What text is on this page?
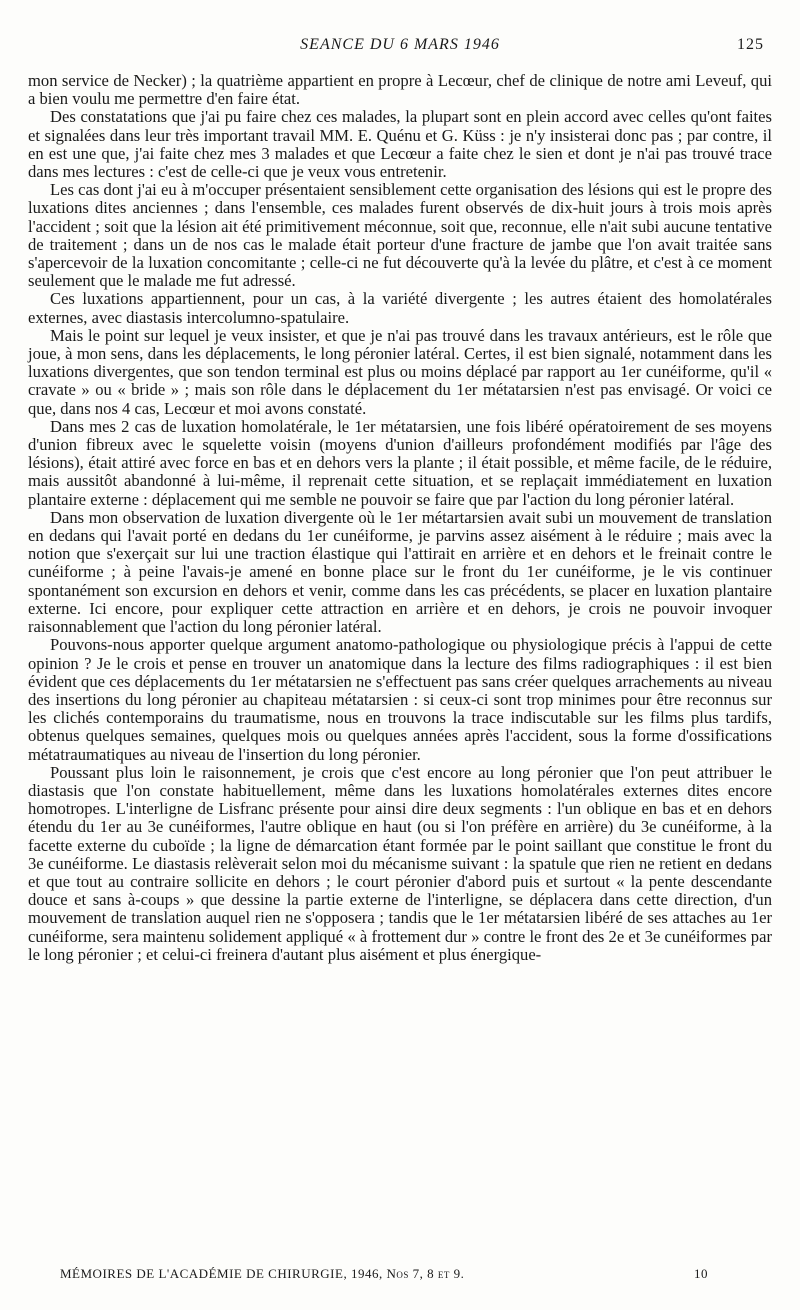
SEANCE DU 6 MARS 1946	125

mon service de Necker) ; la quatrième appartient en propre à Lecœur, chef de clinique de notre ami Leveuf, qui a bien voulu me permettre d'en faire état.

Des constatations que j'ai pu faire chez ces malades, la plupart sont en plein accord avec celles qu'ont faites et signalées dans leur très important travail MM. E. Quénu et G. Küss : je n'y insisterai donc pas ; par contre, il en est une que, j'ai faite chez mes 3 malades et que Lecœur a faite chez le sien et dont je n'ai pas trouvé trace dans mes lectures : c'est de celle-ci que je veux vous entretenir.

Les cas dont j'ai eu à m'occuper présentaient sensiblement cette organisation des lésions qui est le propre des luxations dites anciennes ; dans l'ensemble, ces malades furent observés de dix-huit jours à trois mois après l'accident ; soit que la lésion ait été primitivement méconnue, soit que, reconnue, elle n'ait subi aucune tentative de traitement ; dans un de nos cas le malade était porteur d'une fracture de jambe que l'on avait traitée sans s'apercevoir de la luxation concomitante ; celle-ci ne fut découverte qu'à la levée du plâtre, et c'est à ce moment seulement que le malade me fut adressé.

Ces luxations appartiennent, pour un cas, à la variété divergente ; les autres étaient des homolatérales externes, avec diastasis intercolumno-spatulaire.

Mais le point sur lequel je veux insister, et que je n'ai pas trouvé dans les travaux antérieurs, est le rôle que joue, à mon sens, dans les déplacements, le long péronier latéral. Certes, il est bien signalé, notamment dans les luxations divergentes, que son tendon terminal est plus ou moins déplacé par rapport au 1er cunéiforme, qu'il « cravate » ou « bride » ; mais son rôle dans le déplacement du 1er métatarsien n'est pas envisagé. Or voici ce que, dans nos 4 cas, Lecœur et moi avons constaté.

Dans mes 2 cas de luxation homolatérale, le 1er métatarsien, une fois libéré opératoirement de ses moyens d'union fibreux avec le squelette voisin (moyens d'union d'ailleurs profondément modifiés par l'âge des lésions), était attiré avec force en bas et en dehors vers la plante ; il était possible, et même facile, de le réduire, mais aussitôt abandonné à lui-même, il reprenait cette situation, et se replaçait immédiatement en luxation plantaire externe : déplacement qui me semble ne pouvoir se faire que par l'action du long péronier latéral.

Dans mon observation de luxation divergente où le 1er métartarsien avait subi un mouvement de translation en dedans qui l'avait porté en dedans du 1er cunéiforme, je parvins assez aisément à le réduire ; mais avec la notion que s'exerçait sur lui une traction élastique qui l'attirait en arrière et en dehors et le freinait contre le cunéiforme ; à peine l'avais-je amené en bonne place sur le front du 1er cunéiforme, je le vis continuer spontanément son excursion en dehors et venir, comme dans les cas précédents, se placer en luxation plantaire externe. Ici encore, pour expliquer cette attraction en arrière et en dehors, je crois ne pouvoir invoquer raisonnablement que l'action du long péronier latéral.

Pouvons-nous apporter quelque argument anatomo-pathologique ou physiologique précis à l'appui de cette opinion ? Je le crois et pense en trouver un anatomique dans la lecture des films radiographiques : il est bien évident que ces déplacements du 1er métatarsien ne s'effectuent pas sans créer quelques arrachements au niveau des insertions du long péronier au chapiteau métatarsien : si ceux-ci sont trop minimes pour être reconnus sur les clichés contemporains du traumatisme, nous en trouvons la trace indiscutable sur les films plus tardifs, obtenus quelques semaines, quelques mois ou quelques années après l'accident, sous la forme d'ossifications métatraumatiques au niveau de l'insertion du long péronier.

Poussant plus loin le raisonnement, je crois que c'est encore au long péronier que l'on peut attribuer le diastasis que l'on constate habituellement, même dans les luxations homolatérales externes dites encore homotropes. L'interligne de Lisfranc présente pour ainsi dire deux segments : l'un oblique en bas et en dehors étendu du 1er au 3e cunéiformes, l'autre oblique en haut (ou si l'on préfère en arrière) du 3e cunéiforme, à la facette externe du cuboïde ; la ligne de démarcation étant formée par le point saillant que constitue le front du 3e cunéiforme. Le diastasis relèverait selon moi du mécanisme suivant : la spatule que rien ne retient en dedans et que tout au contraire sollicite en dehors ; le court péronier d'abord puis et surtout « la pente descendante douce et sans à-coups » que dessine la partie externe de l'interligne, se déplacera dans cette direction, d'un mouvement de translation auquel rien ne s'opposera ; tandis que le 1er métatarsien libéré de ses attaches au 1er cunéiforme, sera maintenu solidement appliqué « à frottement dur » contre le front des 2e et 3e cunéiformes par le long péronier ; et celui-ci freinera d'autant plus aisément et plus énergique-

MÉMOIRES DE L'ACADÉMIE DE CHIRURGIE, 1946, Nos 7, 8 et 9.	10
